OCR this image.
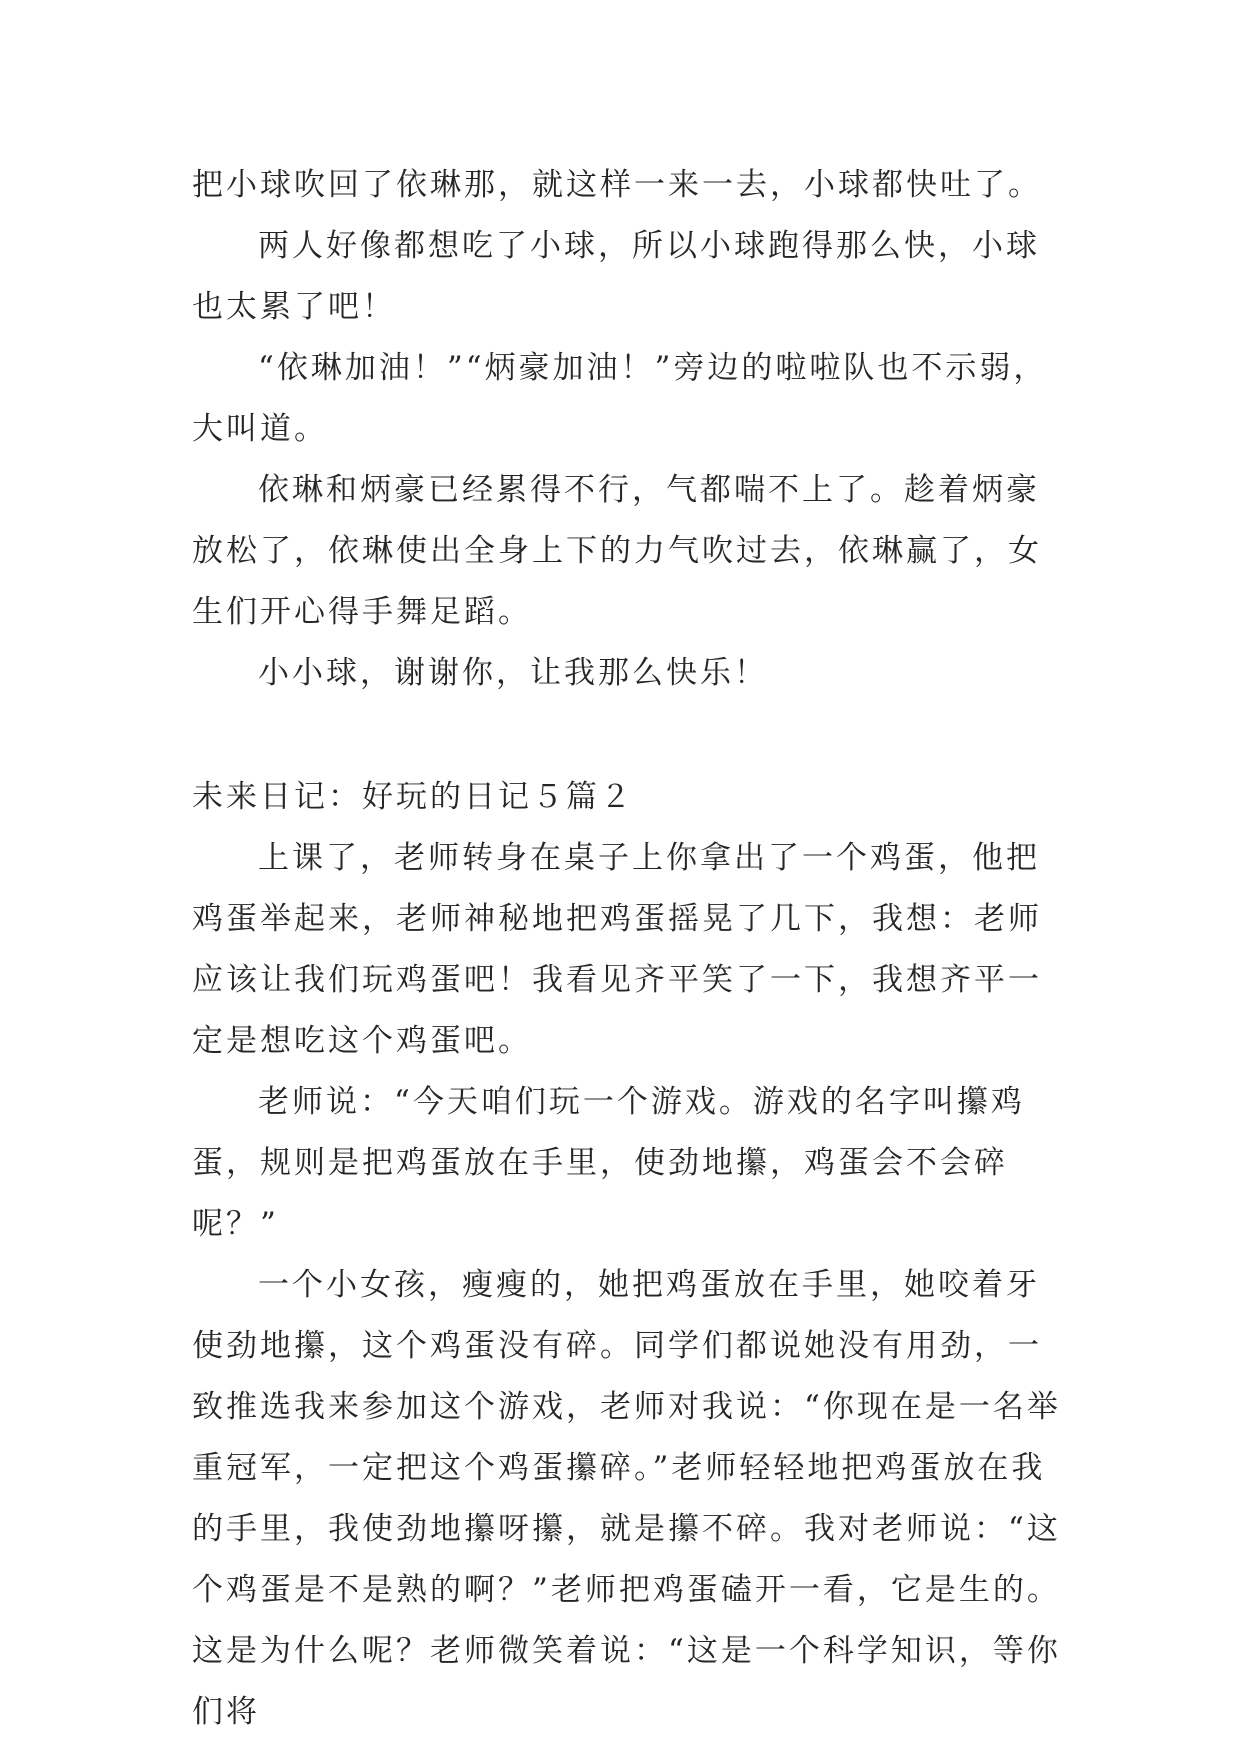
把小球吹回了依琳那，就这样一来一去，小球都快吐了。

两人好像都想吃了小球，所以小球跑得那么快，小球也太累了吧！

“依琳加油！”“炳豪加油！”旁边的啦啦队也不示弱，大叫道。

依琳和炳豪已经累得不行，气都喘不上了。趁着炳豪放松了，依琳使出全身上下的力气吹过去，依琳赢了，女生们开心得手舞足蹈。

小小球，谢谢你，让我那么快乐！

未来日记：好玩的日记５篇２

上课了，老师转身在桌子上你拿出了一个鸡蛋，他把鸡蛋举起来，老师神秘地把鸡蛋摇晃了几下，我想：老师应该让我们玩鸡蛋吧！我看见齐平笑了一下，我想齐平一定是想吃这个鸡蛋吧。

老师说：“今天咱们玩一个游戏。游戏的名字叫攥鸡蛋，规则是把鸡蛋放在手里，使劲地攥，鸡蛋会不会碎呢？”

一个小女孩，瘦瘦的，她把鸡蛋放在手里，她咬着牙使劲地攥，这个鸡蛋没有碎。同学们都说她没有用劲，一致推选我来参加这个游戏，老师对我说：“你现在是一名举重冠军，一定把这个鸡蛋攥碎。”老师轻轻地把鸡蛋放在我的手里，我使劲地攥呀攥，就是攥不碎。我对老师说：“这个鸡蛋是不是熟的啊？”老师把鸡蛋磕开一看，它是生的。这是为什么呢？老师微笑着说：“这是一个科学知识，等你们将
